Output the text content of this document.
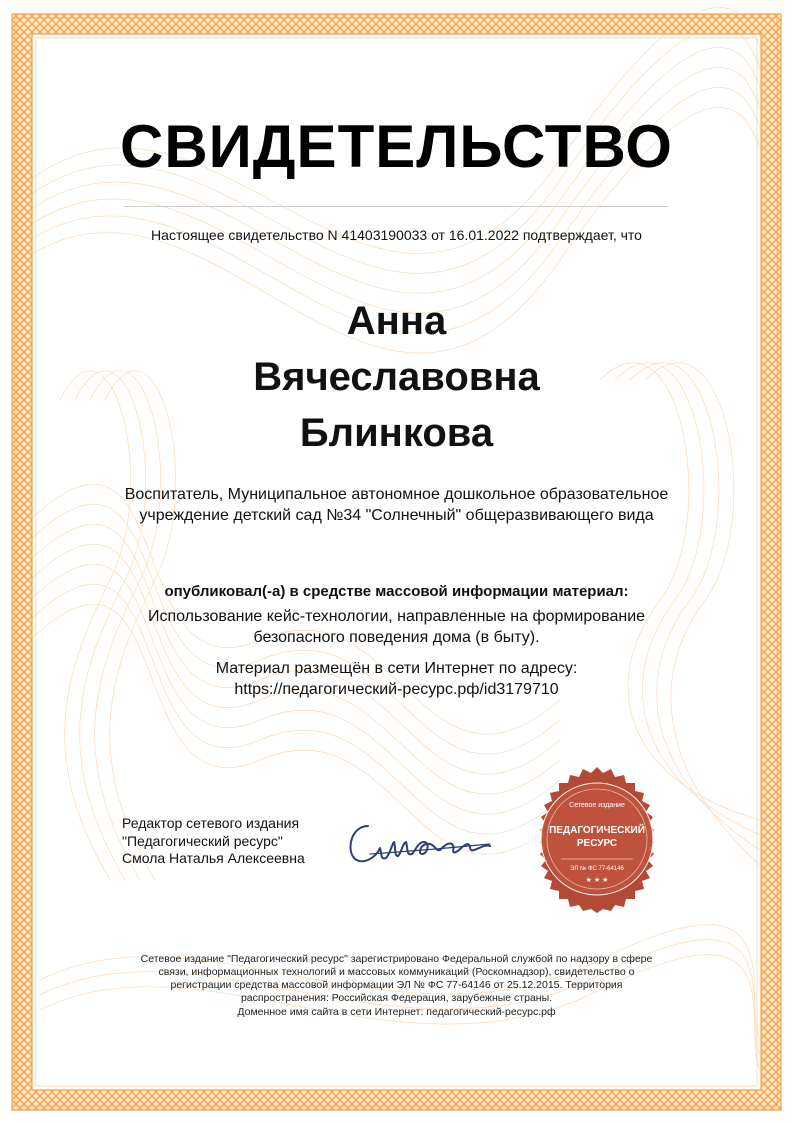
СВИДЕТЕЛЬСТВО
Настоящее свидетельство N 41403190033 от 16.01.2022 подтверждает, что
Анна
Вячеславовна
Блинкова
Воспитатель, Муниципальное автономное дошкольное образовательное
учреждение детский сад №34 "Солнечный" общеразвивающего вида
опубликовал(-а) в средстве массовой информации материал:
Использование кейс-технологии, направленные на формирование
безопасного поведения дома (в быту).
Материал размещён в сети Интернет по адресу:
https://педагогический-ресурс.рф/id3179710
Редактор сетевого издания
"Педагогический ресурс"
Смола Наталья Алексеевна
Сетевое издание
ПЕДАГОГИЧЕСКИЙ
РЕСУРС
ЭЛ № ФС 77-64146
★ ★ ★
Сетевое издание "Педагогический ресурс" зарегистрировано Федеральной службой по надзору в сфере
связи, информационных технологий и массовых коммуникаций (Роскомнадзор), свидетельство о
регистрации средства массовой информации ЭЛ № ФС 77-64146 от 25.12.2015. Территория
распространения: Российская Федерация, зарубежные страны.
Доменное имя сайта в сети Интернет: педагогический-ресурс.рф
